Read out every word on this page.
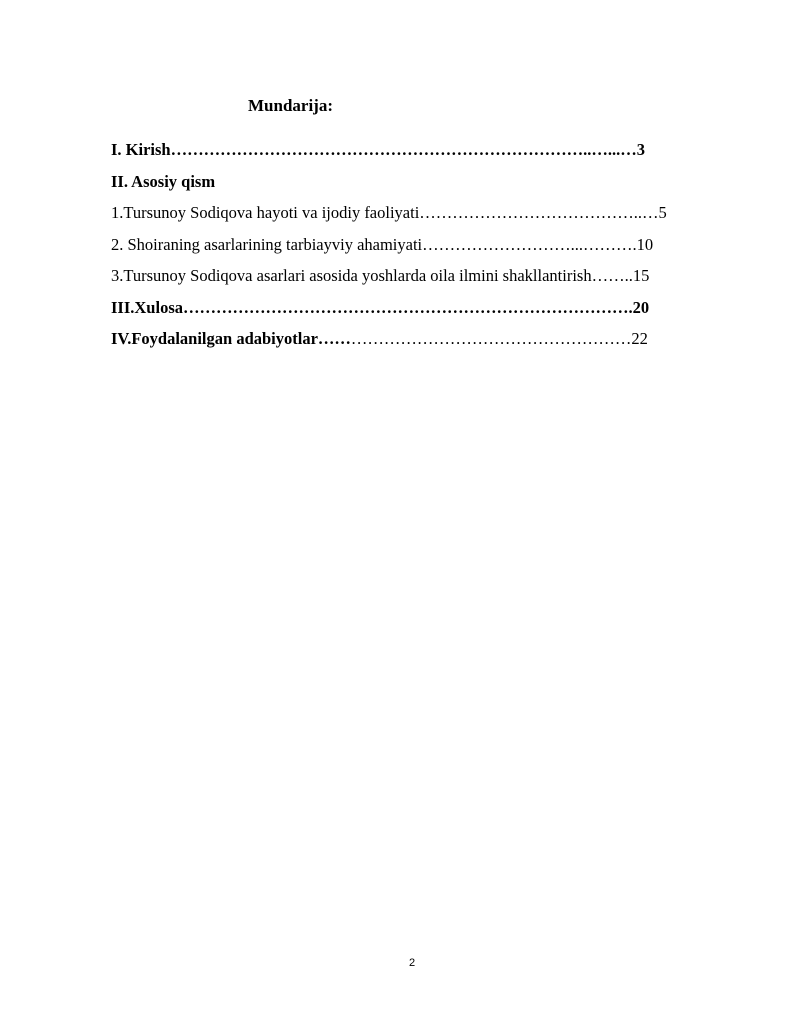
Mundarija:
I. Kirish…………………………………………………………………..…...…3
II. Asosiy qism
1.Tursunoy Sodiqova hayoti va ijodiy faoliyati…………………………………..…5
2. Shoiraning asarlarining tarbiayviy ahamiyati………………………...……….10
3.Tursunoy Sodiqova asarlari asosida yoshlarda oila ilmini shakllantirish……..15
III.Xulosa……………………………………………………………………….20
IV.Foydalanilgan adabiyotlar…………………………………………………22
2
